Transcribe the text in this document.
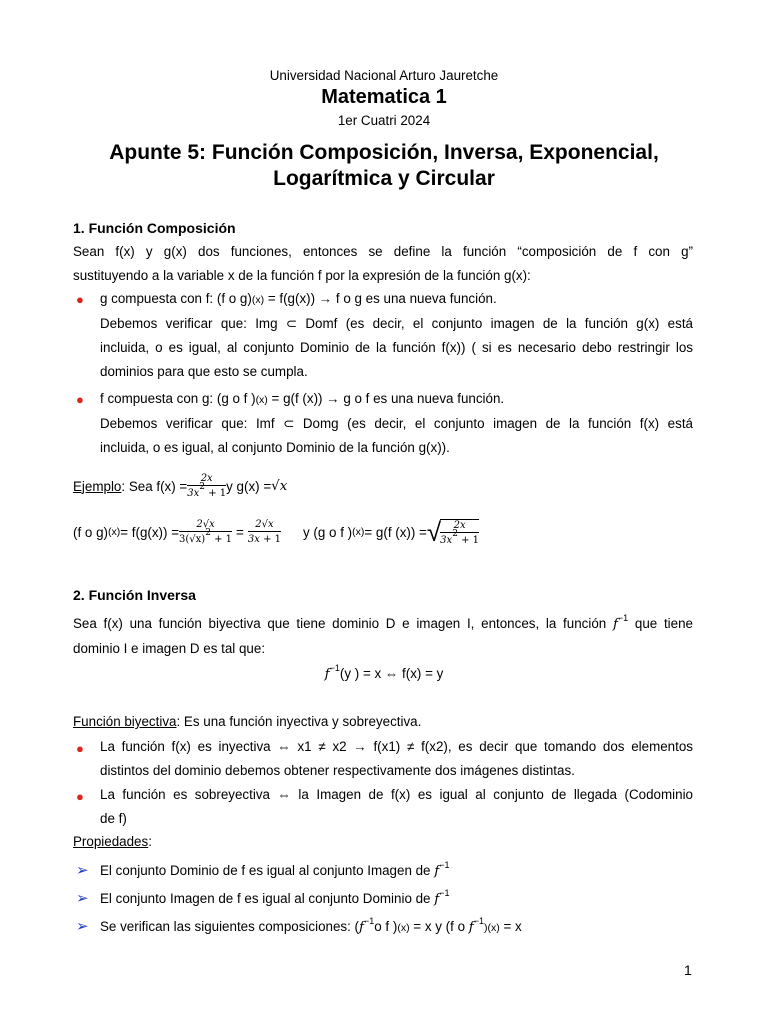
Universidad Nacional Arturo Jauretche
Matematica 1
1er Cuatri 2024
Apunte 5: Función Composición, Inversa, Exponencial,
Logarítmica y Circular
1. Función Composición
Sean f(x) y g(x) dos funciones, entonces se define la función “composición de f con g”
sustituyendo a la variable x de la función f por la expresión de la función g(x):
● g compuesta con f: (f o g)(x) = f(g(x)) → f o g es una nueva función.

Debemos verificar que: Img ⊂ Domf (es decir, el conjunto imagen de la función g(x) está
incluida, o es igual, al conjunto Dominio de la función f(x)) ( si es necesario debo restringir los
dominios para que esto se cumpla.
● f compuesta con g: (g o f )(x) = g(f (x)) → g o f es una nueva función.

Debemos verificar que: Imf ⊂ Domg (es decir, el conjunto imagen de la función f(x) está
incluida, o es igual, al conjunto Dominio de la función g(x)).
Ejemplo : Sea $f(x) = \frac{2x}{3x2 + 1}$ y g(x) = √x
(f o g) $(x) = f(g(x)) = \frac{2√x}{3(√x)2 + 1} = \frac{2√x}{3x + 1}$ y (g o f ) (x) = g(f (x)) = √ $\frac{2x}{3x2 + 1}$
2. Función Inversa
Sea f(x) una función biyectiva que tiene dominio D e imagen I, entonces, la función $f^{-1}$ que tiene
dominio I e imagen D es tal que:
$f^{-1}(y$ ) = x ⇔ f(x) = y
Función biyectiva: Es una función inyectiva y sobreyectiva.
● La función f(x) es inyectiva ⇔ x1 ≠ x2 → f(x1) ≠ f(x2), es decir que tomando dos elementos
distintos del dominio debemos obtener respectivamente dos imágenes distintas.
● La función es sobreyectiva ⇔ la Imagen de f(x) es igual al conjunto de llegada (Codominio
de f)
Propiedades:
➢ El conjunto Dominio de f es igual al conjunto Imagen de $f^{-1}$
➢ El conjunto Imagen de f es igual al conjunto Dominio de $f^{-1}$
➢ Se verifican las siguientes composiciones: ($f^{-1}o$ f )(x) = x y (f o $f^{-1})(x) = x$
1
